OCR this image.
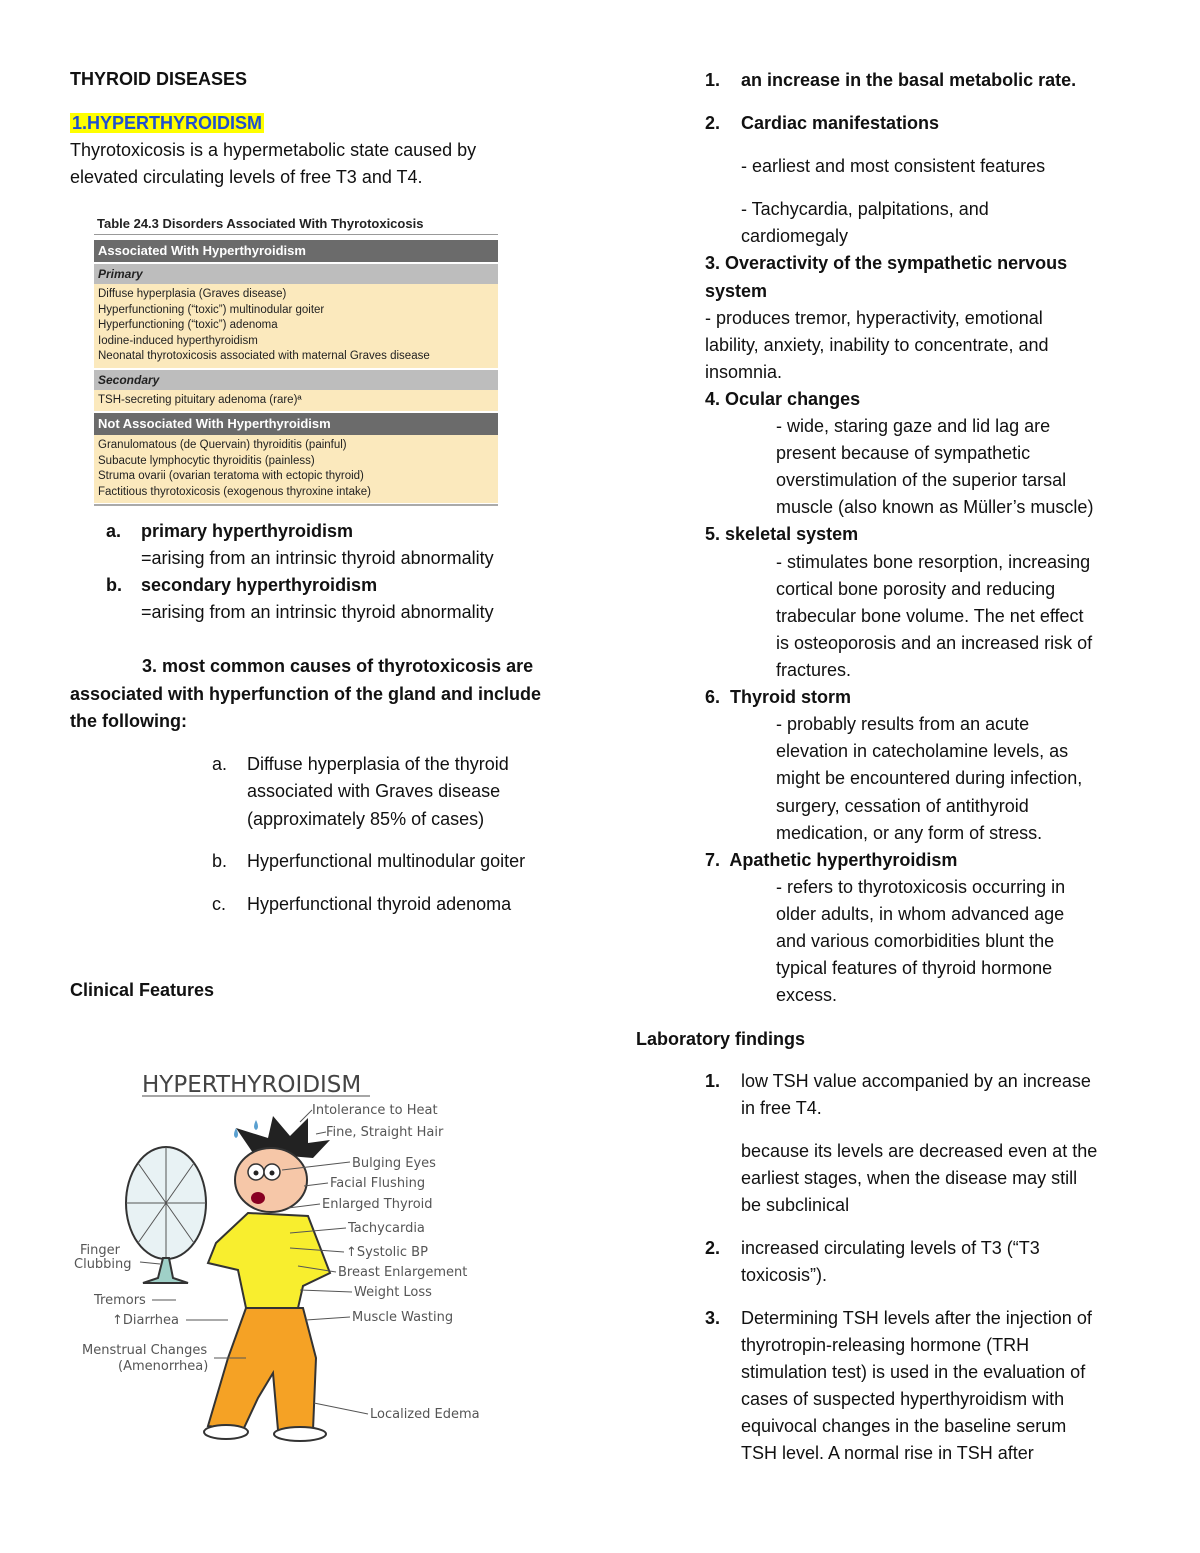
THYROID DISEASES
1.HYPERTHYROIDISM
Thyrotoxicosis is a hypermetabolic state caused by
elevated circulating levels of free T3 and T4.
Table 24.3 Disorders Associated With Thyrotoxicosis
Associated With Hyperthyroidism
Primary
Diffuse hyperplasia (Graves disease)
Hyperfunctioning (“toxic”) multinodular goiter
Hyperfunctioning (“toxic”) adenoma
Iodine-induced hyperthyroidism
Neonatal thyrotoxicosis associated with maternal Graves disease
Secondary
TSH-secreting pituitary adenoma (rare)ª
Not Associated With Hyperthyroidism
Granulomatous (de Quervain) thyroiditis (painful)
Subacute lymphocytic thyroiditis (painless)
Struma ovarii (ovarian teratoma with ectopic thyroid)
Factitious thyrotoxicosis (exogenous thyroxine intake)
a. primary hyperthyroidism
=arising from an intrinsic thyroid abnormality
b. secondary hyperthyroidism
=arising from an intrinsic thyroid abnormality
3. most common causes of thyrotoxicosis are
associated with hyperfunction of the gland and include
the following:
a. Diffuse hyperplasia of the thyroid
associated with Graves disease
(approximately 85% of cases)
b. Hyperfunctional multinodular goiter
c. Hyperfunctional thyroid adenoma
Clinical Features
HYPERTHYROIDISM
Intolerance to Heat
Fine, Straight Hair
Bulging Eyes
Facial Flushing
Enlarged Thyroid
Tachycardia
↑Systolic BP
Breast Enlargement
Weight Loss
Muscle Wasting
Localized Edema
Finger
Clubbing
Tremors
↑Diarrhea
Menstrual Changes
(Amenorrhea)
1. an increase in the basal metabolic rate.
2. Cardiac manifestations
- earliest and most consistent features
- Tachycardia, palpitations, and
cardiomegaly
3. Overactivity of the sympathetic nervous
system
- produces tremor, hyperactivity, emotional
lability, anxiety, inability to concentrate, and
insomnia.
4. Ocular changes
- wide, staring gaze and lid lag are
present because of sympathetic
overstimulation of the superior tarsal
muscle (also known as Müller’s muscle)
5. skeletal system
- stimulates bone resorption, increasing
cortical bone porosity and reducing
trabecular bone volume. The net effect
is osteoporosis and an increased risk of
fractures.
6. Thyroid storm
- probably results from an acute
elevation in catecholamine levels, as
might be encountered during infection,
surgery, cessation of antithyroid
medication, or any form of stress.
7. Apathetic hyperthyroidism
- refers to thyrotoxicosis occurring in
older adults, in whom advanced age
and various comorbidities blunt the
typical features of thyroid hormone
excess.
Laboratory findings
1. low TSH value accompanied by an increase
in free T4.
because its levels are decreased even at the
earliest stages, when the disease may still
be subclinical
2. increased circulating levels of T3 (“T3
toxicosis”).
3. Determining TSH levels after the injection of
thyrotropin-releasing hormone (TRH
stimulation test) is used in the evaluation of
cases of suspected hyperthyroidism with
equivocal changes in the baseline serum
TSH level. A normal rise in TSH after
